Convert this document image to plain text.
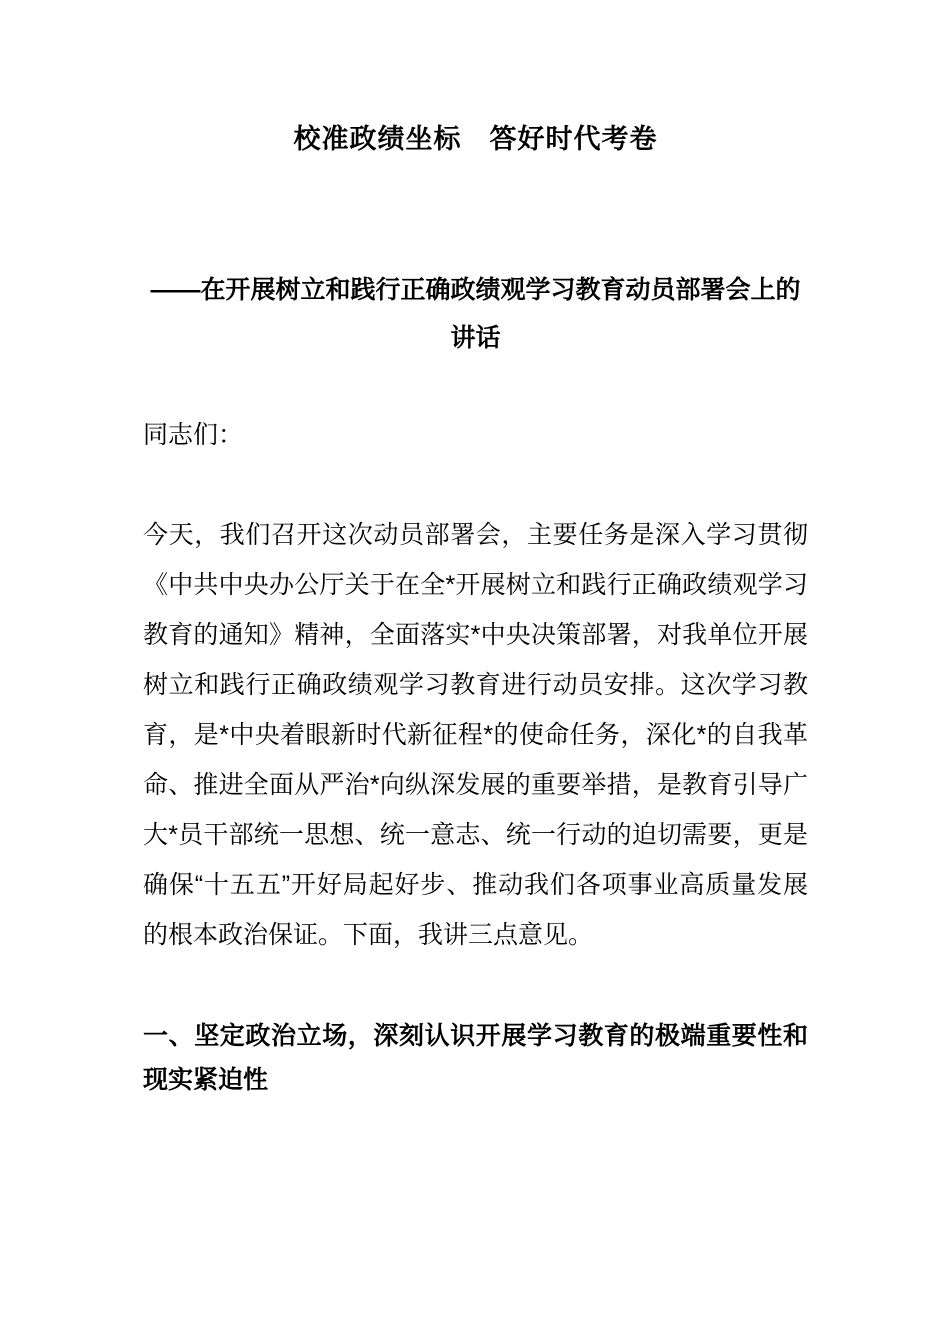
校准政绩坐标　答好时代考卷
——在开展树立和践行正确政绩观学习教育动员部署会上的讲话

同志们：

今天，我们召开这次动员部署会，主要任务是深入学习贯彻《中共中央办公厅关于在全*开展树立和践行正确政绩观学习教育的通知》精神，全面落实*中央决策部署，对我单位开展树立和践行正确政绩观学习教育进行动员安排。这次学习教育，是*中央着眼新时代新征程*的使命任务，深化*的自我革命、推进全面从严治*向纵深发展的重要举措，是教育引导广大*员干部统一思想、统一意志、统一行动的迫切需要，更是确保“十五五”开好局起好步、推动我们各项事业高质量发展的根本政治保证。下面，我讲三点意见。

一、坚定政治立场，深刻认识开展学习教育的极端重要性和现实紧迫性
